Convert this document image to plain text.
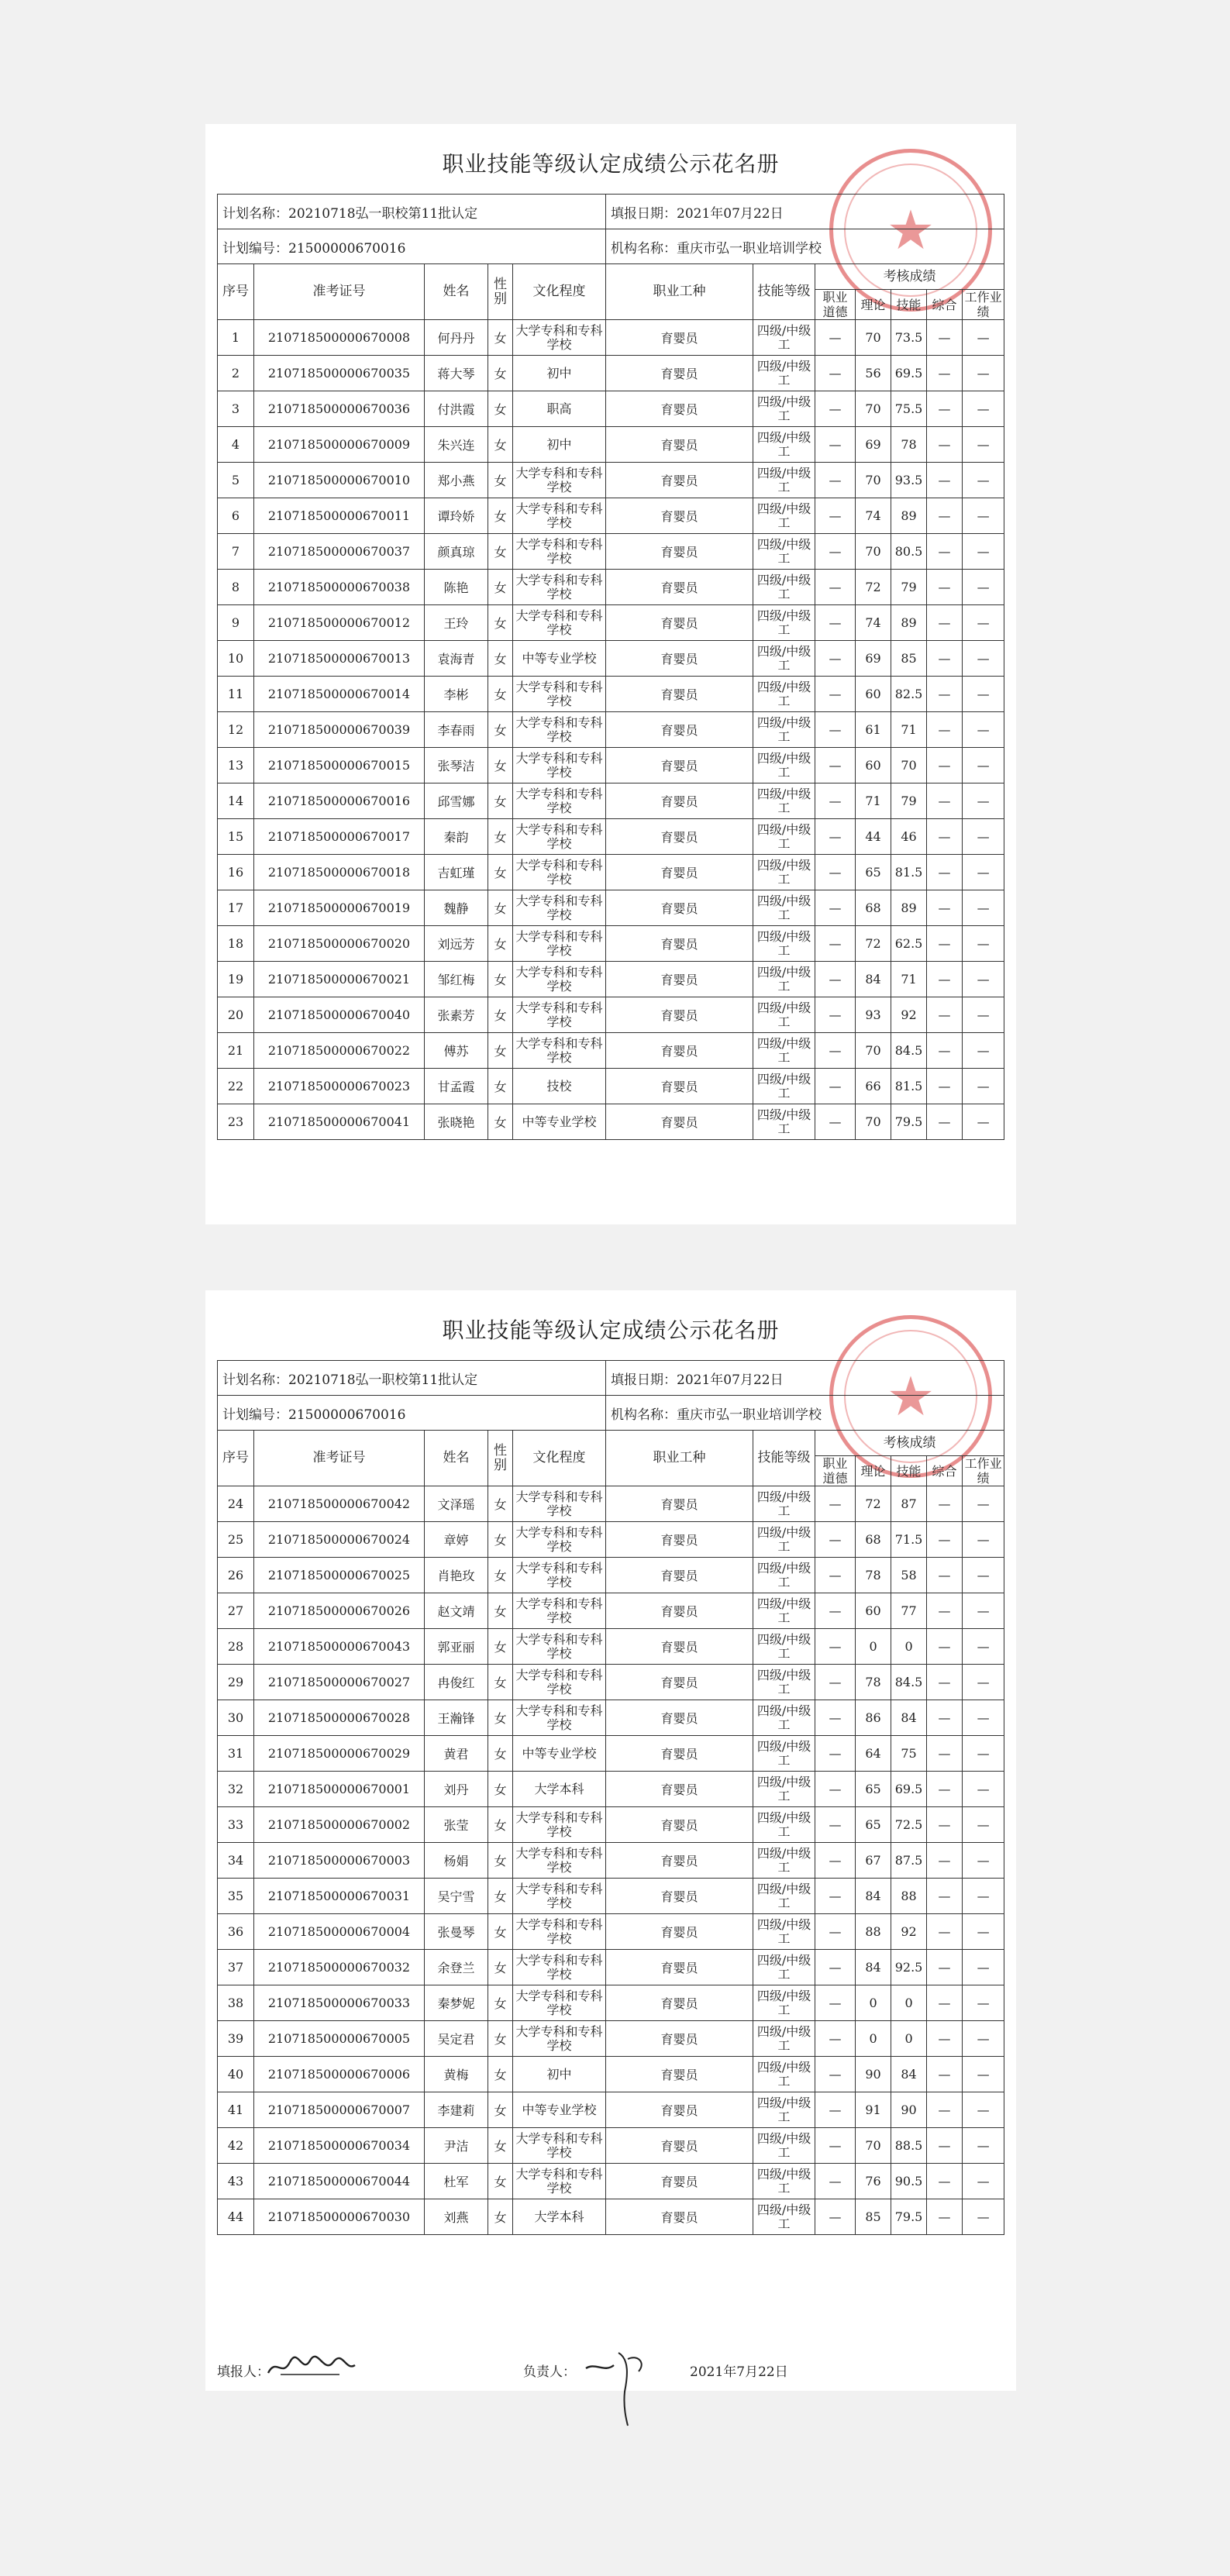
职业技能等级认定成绩公示花名册
★
计划名称：20210718弘一职校第11批认定					填报日期：2021年07月22日						
计划编号：21500000670016					机构名称：重庆市弘一职业培训学校						
序号	准考证号	姓名	性别	文化程度	职业工种	技能等级	考核成绩				
							职业道德	理论	技能	综合	工作业绩
1	210718500000670008	何丹丹	女	大学专科和专科学校	育婴员	四级/中级工	—	70	73.5	—	—
2	210718500000670035	蒋大琴	女	初中	育婴员	四级/中级工	—	56	69.5	—	—
3	210718500000670036	付洪霞	女	职高	育婴员	四级/中级工	—	70	75.5	—	—
4	210718500000670009	朱兴连	女	初中	育婴员	四级/中级工	—	69	78	—	—
5	210718500000670010	郑小燕	女	大学专科和专科学校	育婴员	四级/中级工	—	70	93.5	—	—
6	210718500000670011	谭玲娇	女	大学专科和专科学校	育婴员	四级/中级工	—	74	89	—	—
7	210718500000670037	颜真琼	女	大学专科和专科学校	育婴员	四级/中级工	—	70	80.5	—	—
8	210718500000670038	陈艳	女	大学专科和专科学校	育婴员	四级/中级工	—	72	79	—	—
9	210718500000670012	王玲	女	大学专科和专科学校	育婴员	四级/中级工	—	74	89	—	—
10	210718500000670013	袁海青	女	中等专业学校	育婴员	四级/中级工	—	69	85	—	—
11	210718500000670014	李彬	女	大学专科和专科学校	育婴员	四级/中级工	—	60	82.5	—	—
12	210718500000670039	李春雨	女	大学专科和专科学校	育婴员	四级/中级工	—	61	71	—	—
13	210718500000670015	张琴洁	女	大学专科和专科学校	育婴员	四级/中级工	—	60	70	—	—
14	210718500000670016	邱雪娜	女	大学专科和专科学校	育婴员	四级/中级工	—	71	79	—	—
15	210718500000670017	秦韵	女	大学专科和专科学校	育婴员	四级/中级工	—	44	46	—	—
16	210718500000670018	吉虹瑾	女	大学专科和专科学校	育婴员	四级/中级工	—	65	81.5	—	—
17	210718500000670019	魏静	女	大学专科和专科学校	育婴员	四级/中级工	—	68	89	—	—
18	210718500000670020	刘远芳	女	大学专科和专科学校	育婴员	四级/中级工	—	72	62.5	—	—
19	210718500000670021	邹红梅	女	大学专科和专科学校	育婴员	四级/中级工	—	84	71	—	—
20	210718500000670040	张素芳	女	大学专科和专科学校	育婴员	四级/中级工	—	93	92	—	—
21	210718500000670022	傅苏	女	大学专科和专科学校	育婴员	四级/中级工	—	70	84.5	—	—
22	210718500000670023	甘孟霞	女	技校	育婴员	四级/中级工	—	66	81.5	—	—
23	210718500000670041	张晓艳	女	中等专业学校	育婴员	四级/中级工	—	70	79.5	—	—
职业技能等级认定成绩公示花名册
★
计划名称：20210718弘一职校第11批认定					填报日期：2021年07月22日						
计划编号：21500000670016					机构名称：重庆市弘一职业培训学校						
序号	准考证号	姓名	性别	文化程度	职业工种	技能等级	考核成绩				
							职业道德	理论	技能	综合	工作业绩
24	210718500000670042	文泽瑶	女	大学专科和专科学校	育婴员	四级/中级工	—	72	87	—	—
25	210718500000670024	章婷	女	大学专科和专科学校	育婴员	四级/中级工	—	68	71.5	—	—
26	210718500000670025	肖艳玫	女	大学专科和专科学校	育婴员	四级/中级工	—	78	58	—	—
27	210718500000670026	赵文靖	女	大学专科和专科学校	育婴员	四级/中级工	—	60	77	—	—
28	210718500000670043	郭亚丽	女	大学专科和专科学校	育婴员	四级/中级工	—	0	0	—	—
29	210718500000670027	冉俊红	女	大学专科和专科学校	育婴员	四级/中级工	—	78	84.5	—	—
30	210718500000670028	王瀚锋	女	大学专科和专科学校	育婴员	四级/中级工	—	86	84	—	—
31	210718500000670029	黄君	女	中等专业学校	育婴员	四级/中级工	—	64	75	—	—
32	210718500000670001	刘丹	女	大学本科	育婴员	四级/中级工	—	65	69.5	—	—
33	210718500000670002	张莹	女	大学专科和专科学校	育婴员	四级/中级工	—	65	72.5	—	—
34	210718500000670003	杨娟	女	大学专科和专科学校	育婴员	四级/中级工	—	67	87.5	—	—
35	210718500000670031	吴宁雪	女	大学专科和专科学校	育婴员	四级/中级工	—	84	88	—	—
36	210718500000670004	张曼琴	女	大学专科和专科学校	育婴员	四级/中级工	—	88	92	—	—
37	210718500000670032	余登兰	女	大学专科和专科学校	育婴员	四级/中级工	—	84	92.5	—	—
38	210718500000670033	秦梦妮	女	大学专科和专科学校	育婴员	四级/中级工	—	0	0	—	—
39	210718500000670005	吴定君	女	大学专科和专科学校	育婴员	四级/中级工	—	0	0	—	—
40	210718500000670006	黄梅	女	初中	育婴员	四级/中级工	—	90	84	—	—
41	210718500000670007	李建莉	女	中等专业学校	育婴员	四级/中级工	—	91	90	—	—
42	210718500000670034	尹洁	女	大学专科和专科学校	育婴员	四级/中级工	—	70	88.5	—	—
43	210718500000670044	杜军	女	大学专科和专科学校	育婴员	四级/中级工	—	76	90.5	—	—
44	210718500000670030	刘燕	女	大学本科	育婴员	四级/中级工	—	85	79.5	—	—
填报人：	负责人：	2021年7月22日
